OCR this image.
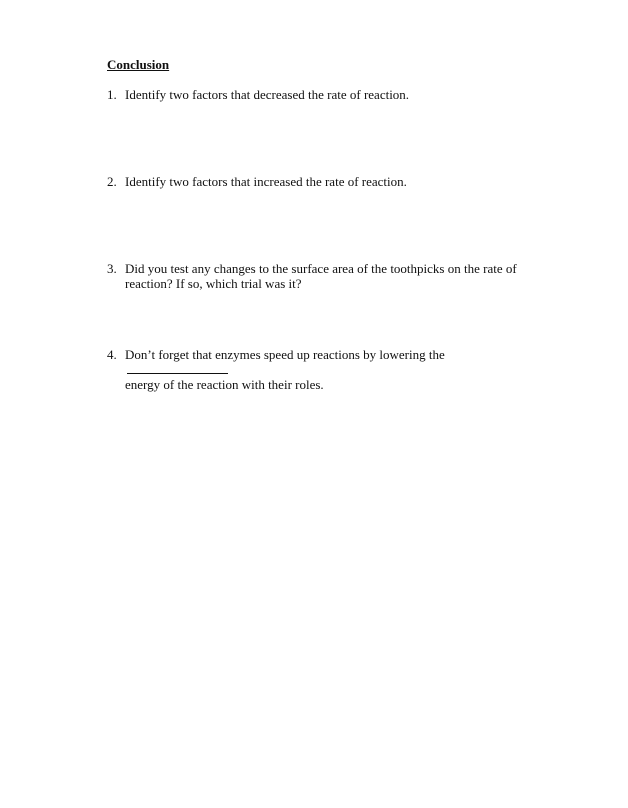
Conclusion
1. Identify two factors that decreased the rate of reaction.
2. Identify two factors that increased the rate of reaction.
3. Did you test any changes to the surface area of the toothpicks on the rate of
reaction? If so, which trial was it?
4. Don’t forget that enzymes speed up reactions by lowering the
energy of the reaction with their roles.
